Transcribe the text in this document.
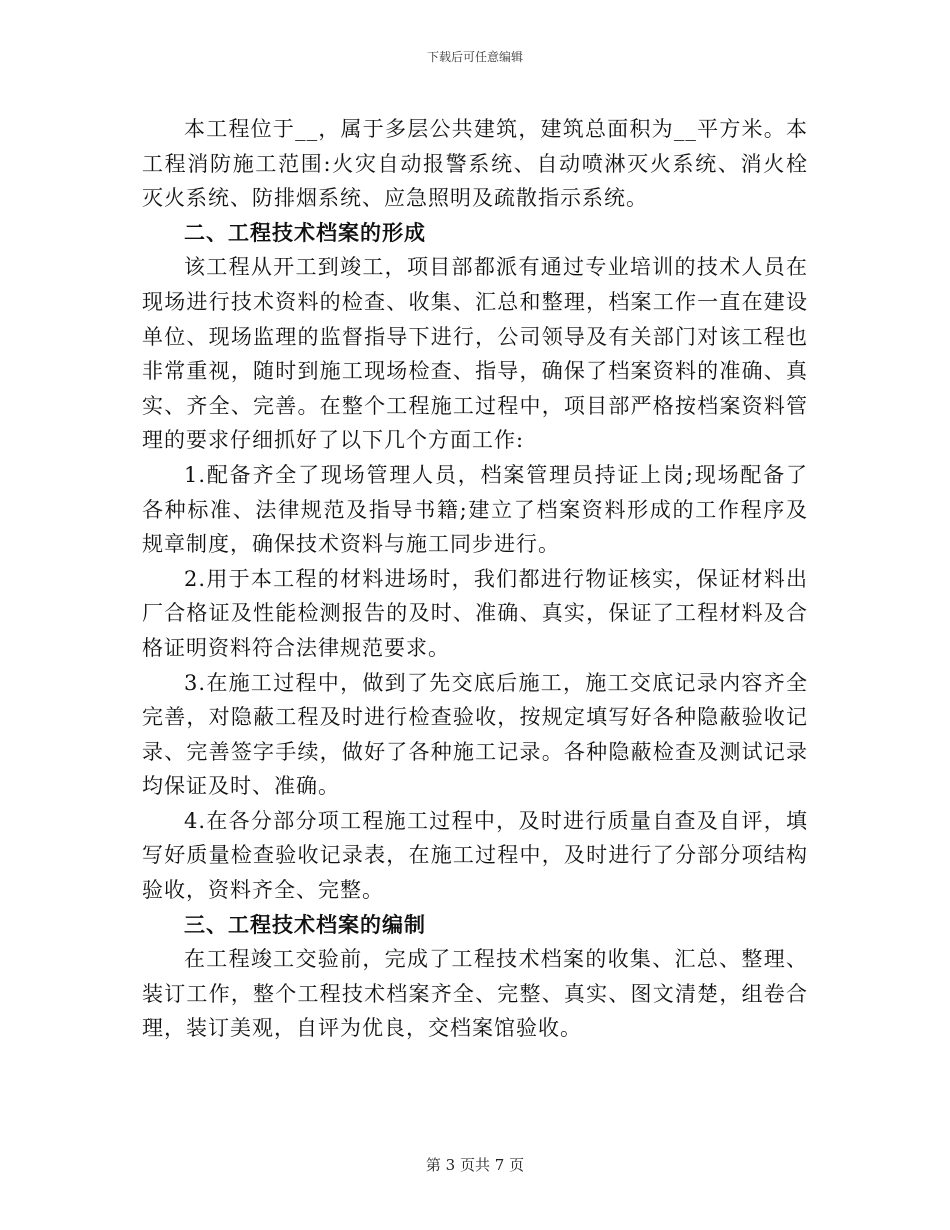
下载后可任意编辑

本工程位于__，属于多层公共建筑，建筑总面积为__平方米。本工程消防施工范围:火灾自动报警系统、自动喷淋灭火系统、消火栓灭火系统、防排烟系统、应急照明及疏散指示系统。

二、工程技术档案的形成

该工程从开工到竣工，项目部都派有通过专业培训的技术人员在现场进行技术资料的检查、收集、汇总和整理，档案工作一直在建设单位、现场监理的监督指导下进行，公司领导及有关部门对该工程也非常重视，随时到施工现场检查、指导，确保了档案资料的准确、真实、齐全、完善。在整个工程施工过程中，项目部严格按档案资料管理的要求仔细抓好了以下几个方面工作:

1.配备齐全了现场管理人员，档案管理员持证上岗;现场配备了各种标准、法律规范及指导书籍;建立了档案资料形成的工作程序及规章制度，确保技术资料与施工同步进行。

2.用于本工程的材料进场时，我们都进行物证核实，保证材料出厂合格证及性能检测报告的及时、准确、真实，保证了工程材料及合格证明资料符合法律规范要求。

3.在施工过程中，做到了先交底后施工，施工交底记录内容齐全完善，对隐蔽工程及时进行检查验收，按规定填写好各种隐蔽验收记录、完善签字手续，做好了各种施工记录。各种隐蔽检查及测试记录均保证及时、准确。

4.在各分部分项工程施工过程中，及时进行质量自查及自评，填写好质量检查验收记录表，在施工过程中，及时进行了分部分项结构验收，资料齐全、完整。

三、工程技术档案的编制

在工程竣工交验前，完成了工程技术档案的收集、汇总、整理、装订工作，整个工程技术档案齐全、完整、真实、图文清楚，组卷合理，装订美观，自评为优良，交档案馆验收。

第 3 页共 7 页
